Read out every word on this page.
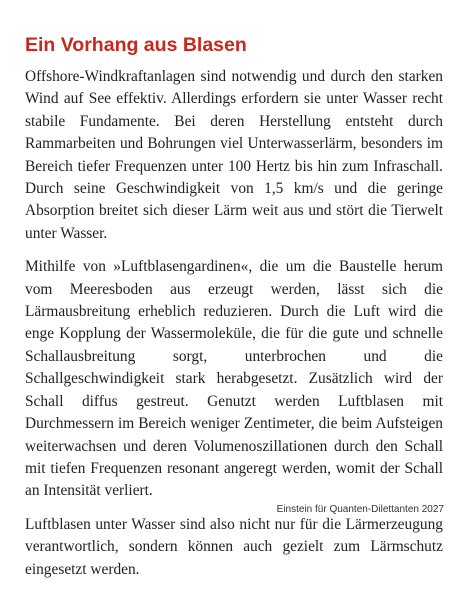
Ein Vorhang aus Blasen

Offshore-Windkraftanlagen sind notwendig und durch den starken Wind auf See effektiv. Allerdings erfordern sie unter Wasser recht stabile Fundamente. Bei deren Herstellung entsteht durch Rammarbeiten und Bohrungen viel Unterwasserlärm, besonders im Bereich tiefer Frequenzen unter 100 Hertz bis hin zum Infraschall. Durch seine Geschwindigkeit von 1,5 km/s und die geringe Absorption breitet sich dieser Lärm weit aus und stört die Tierwelt unter Wasser.

Mithilfe von »Luftblasengardinen«, die um die Baustelle herum vom Meeresboden aus erzeugt werden, lässt sich die Lärmausbreitung erheblich reduzieren. Durch die Luft wird die enge Kopplung der Wassermoleküle, die für die gute und schnelle Schallausbreitung sorgt, unterbrochen und die Schallgeschwindigkeit stark herabgesetzt. Zusätzlich wird der Schall diffus gestreut. Genutzt werden Luftblasen mit Durchmessern im Bereich weniger Zentimeter, die beim Aufsteigen weiterwachsen und deren Volumenoszillationen durch den Schall mit tiefen Frequenzen resonant angeregt werden, womit der Schall an Intensität verliert.

Luftblasen unter Wasser sind also nicht nur für die Lärmerzeugung verantwortlich, sondern können auch gezielt zum Lärmschutz eingesetzt werden.

Einstein für Quanten-Dilettanten 2027
